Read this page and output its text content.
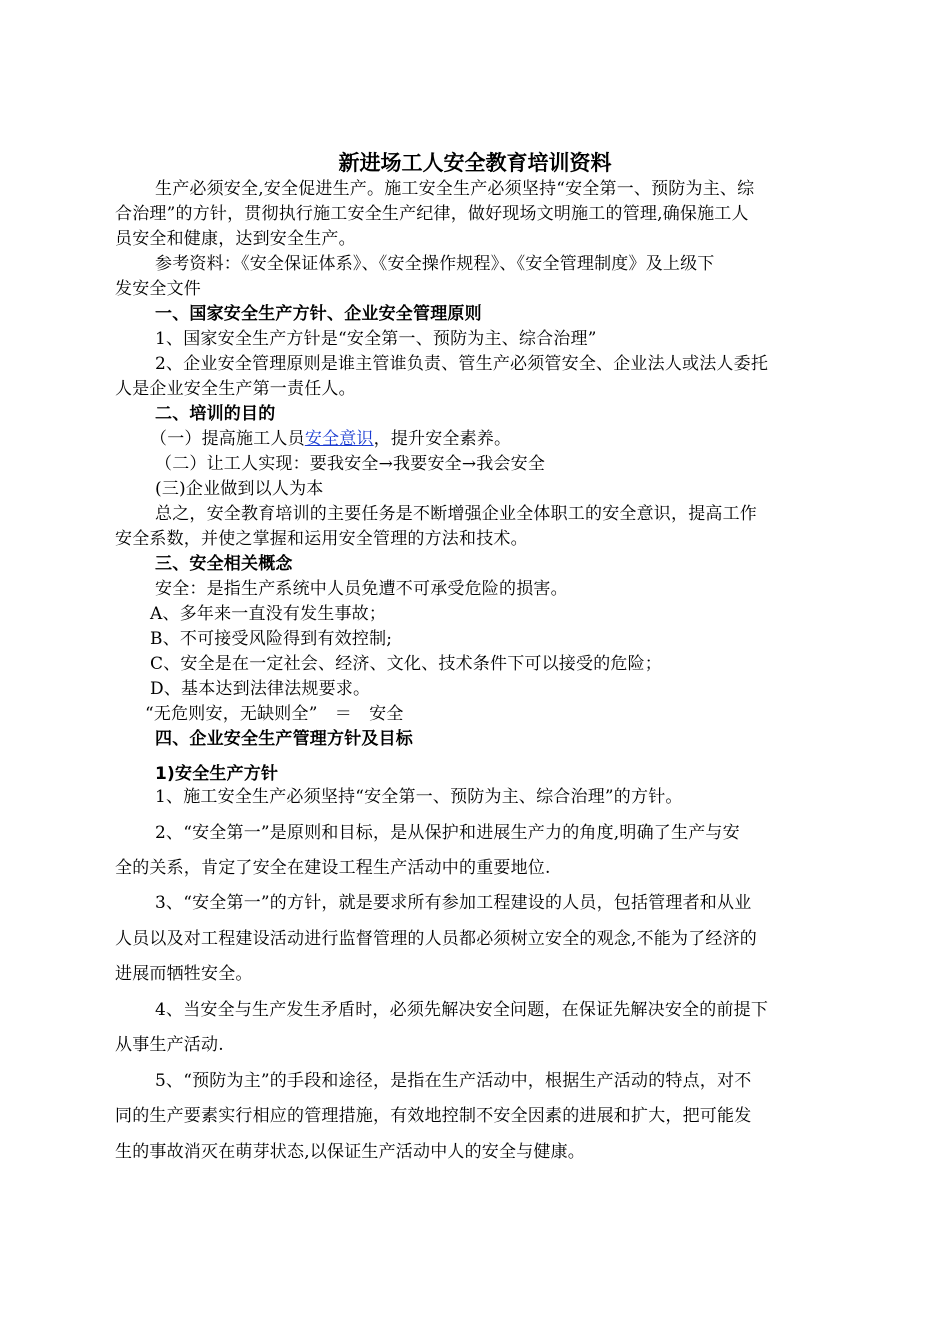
新进场工人安全教育培训资料
生产必须安全,安全促进生产。施工安全生产必须坚持“安全第一、预防为主、综
合治理”的方针，贯彻执行施工安全生产纪律，做好现场文明施工的管理,确保施工人
员安全和健康，达到安全生产。
参考资料：《安全保证体系》、《安全操作规程》、《安全管理制度》及上级下
发安全文件
一、国家安全生产方针、企业安全管理原则
1、国家安全生产方针是“安全第一、预防为主、综合治理”
2、企业安全管理原则是谁主管谁负责、管生产必须管安全、企业法人或法人委托
人是企业安全生产第一责任人。
二、培训的目的
（一）提高施工人员安全意识，提升安全素养。
（二）让工人实现：要我安全→我要安全→我会安全
(三)企业做到以人为本
总之，安全教育培训的主要任务是不断增强企业全体职工的安全意识，提高工作
安全系数，并使之掌握和运用安全管理的方法和技术。
三、安全相关概念
安全：是指生产系统中人员免遭不可承受危险的损害。
A、多年来一直没有发生事故；
B、不可接受风险得到有效控制;
C、安全是在一定社会、经济、文化、技术条件下可以接受的危险；
D、基本达到法律法规要求。
“无危则安，无缺则全”　＝　安全
四、企业安全生产管理方针及目标
1)安全生产方针
1、施工安全生产必须坚持“安全第一、预防为主、综合治理”的方针。
2、“安全第一”是原则和目标，是从保护和进展生产力的角度,明确了生产与安
全的关系，肯定了安全在建设工程生产活动中的重要地位.
3、“安全第一”的方针，就是要求所有参加工程建设的人员，包括管理者和从业
人员以及对工程建设活动进行监督管理的人员都必须树立安全的观念,不能为了经济的
进展而牺牲安全。
4、当安全与生产发生矛盾时，必须先解决安全问题，在保证先解决安全的前提下
从事生产活动.
5、“预防为主”的手段和途径，是指在生产活动中，根据生产活动的特点，对不
同的生产要素实行相应的管理措施，有效地控制不安全因素的进展和扩大，把可能发
生的事故消灭在萌芽状态,以保证生产活动中人的安全与健康。
